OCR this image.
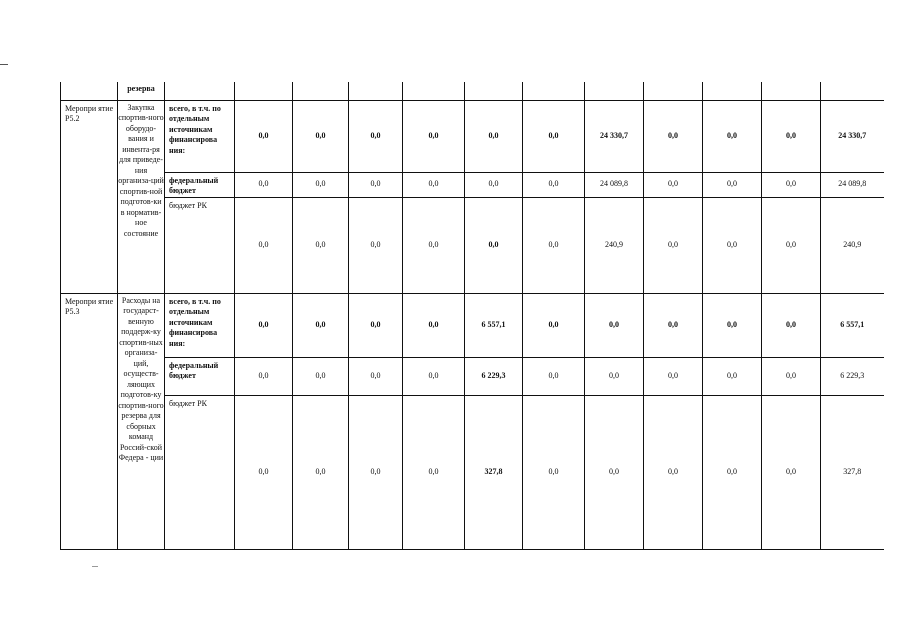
	резерва												
Меропри ятие Р5.2	Закупка спортив-ного оборудо-вания и инвента-ря для приведе-ния организа-ций спортив-ной подготов-ки в норматив-ное состояние	всего, в т.ч. по отдельным источникам финансирова ния:	0,0	0,0	0,0	0,0	0,0	0,0	24 330,7	0,0	0,0	0,0	24 330,7
		федеральный бюджет	0,0	0,0	0,0	0,0	0,0	0,0	24 089,8	0,0	0,0	0,0	24 089,8
		бюджет РК	0,0	0,0	0,0	0,0	0,0	0,0	240,9	0,0	0,0	0,0	240,9
Меропри ятие Р5.3	Расходы на государст-венную поддерж-ку спортив-ных организа-ций, осуществ-ляющих подготов-ку спортив-ного резерва для сборных команд Россий-ской Федера - ции	всего, в т.ч. по отдельным источникам финансирова ния:	0,0	0,0	0,0	0,0	6 557,1	0,0	0,0	0,0	0,0	0,0	6 557,1
		федеральный бюджет	0,0	0,0	0,0	0,0	6 229,3	0,0	0,0	0,0	0,0	0,0	6 229,3
		бюджет РК	0,0	0,0	0,0	0,0	327,8	0,0	0,0	0,0	0,0	0,0	327,8
